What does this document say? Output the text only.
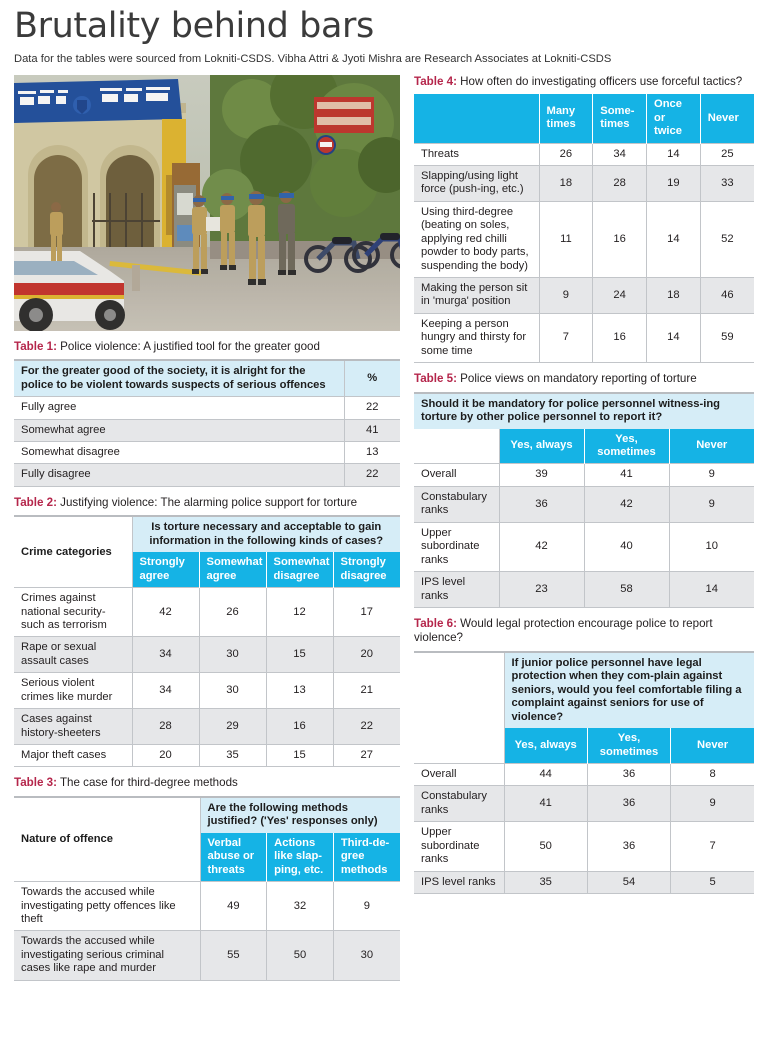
Brutality behind bars
Data for the tables were sourced from Lokniti-CSDS. Vibha Attri & Jyoti Mishra are Research Associates at Lokniti-CSDS
Table 1: Police violence: A justified tool for the greater good
For the greater good of the society, it is alright for the police to be violent towards suspects of serious offences	%
Fully agree	22
Somewhat agree	41
Somewhat disagree	13
Fully disagree	22
Table 2: Justifying violence: The alarming police support for torture
Crime categories	Is torture necessary and acceptable to gain information in the following kinds of cases?			
	Strongly agree	Somewhat agree	Somewhat disagree	Strongly disagree
Crimes against national security-such as terrorism	42	26	12	17
Rape or sexual assault cases	34	30	15	20
Serious violent crimes like murder	34	30	13	21
Cases against history-sheeters	28	29	16	22
Major theft cases	20	35	15	27
Table 3: The case for third-degree methods
Nature of offence	Are the following methods justified? ('Yes' responses only)		
	Verbal abuse or threats	Actions like slap-ping, etc.	Third-de-gree methods
Towards the accused while investigating petty offences like theft	49	32	9
Towards the accused while investigating serious criminal cases like rape and murder	55	50	30
Table 4: How often do investigating officers use forceful tactics?
	Many times	Some-times	Once or twice	Never
Threats	26	34	14	25
Slapping/using light force (push-ing, etc.)	18	28	19	33
Using third-degree (beating on soles, applying red chilli powder to body parts, suspending the body)	11	16	14	52
Making the person sit in 'murga' position	9	24	18	46
Keeping a person hungry and thirsty for some time	7	16	14	59
Table 5: Police views on mandatory reporting of torture
Should it be mandatory for police personnel witness-ing torture by other police personnel to report it?			
	Yes, always	Yes, sometimes	Never
Overall	39	41	9
Constabulary ranks	36	42	9
Upper subordinate ranks	42	40	10
IPS level ranks	23	58	14
Table 6: Would legal protection encourage police to report violence?
	If junior police personnel have legal protection when they com-plain against seniors, would you feel comfortable filing a complaint against seniors for use of violence?		
	Yes, always	Yes, sometimes	Never
Overall	44	36	8
Constabulary ranks	41	36	9
Upper subordinate ranks	50	36	7
IPS level ranks	35	54	5
